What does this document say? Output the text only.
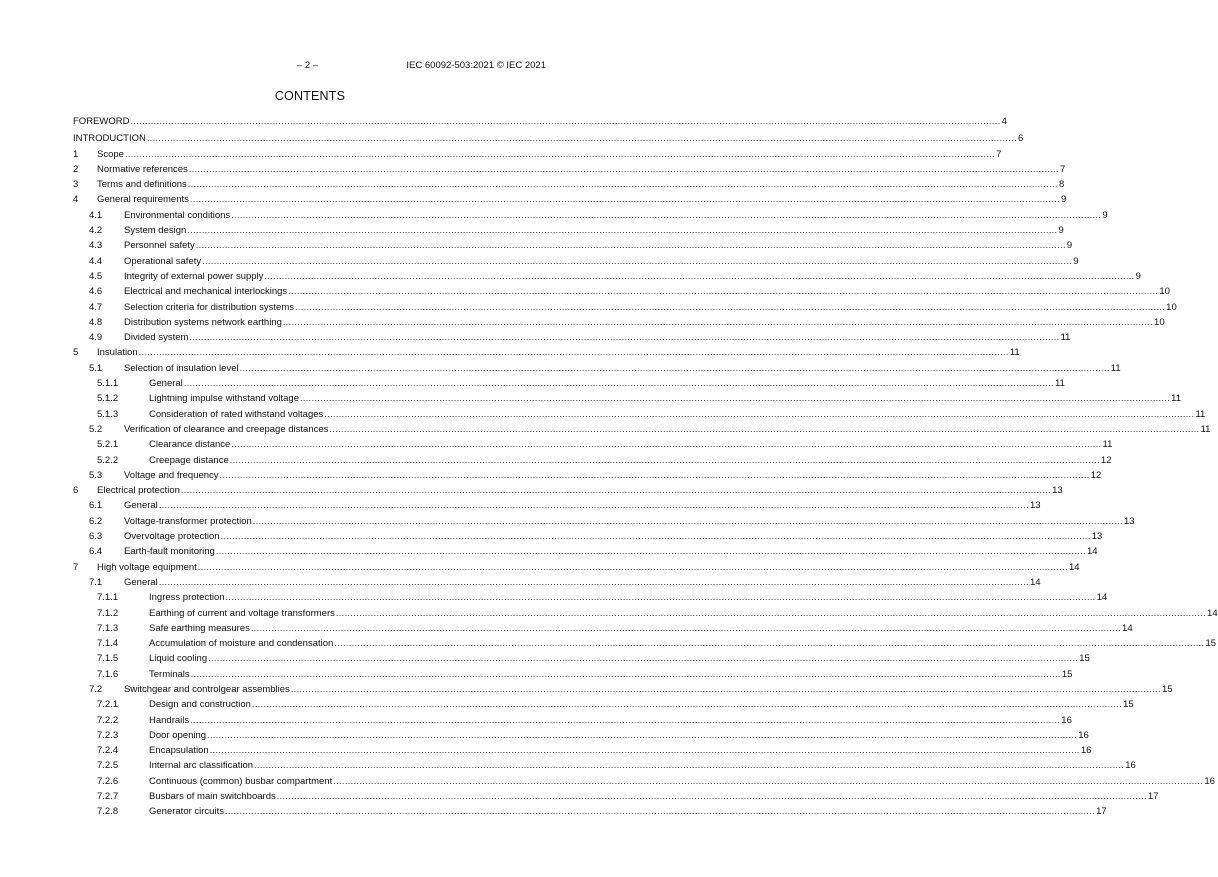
– 2 –	IEC 60092-503:2021 © IEC 2021
CONTENTS
FOREWORD ............................................................................................................................................................................................................................................................................................................ 4
INTRODUCTION ............................................................................................................................................................................................................................................................................................................ 6
1	Scope ............................................................................................................................................................................................................................................................................................................ 7
2	Normative references ............................................................................................................................................................................................................................................................................................................ 7
3	Terms and definitions ............................................................................................................................................................................................................................................................................................................ 8
4	General requirements ............................................................................................................................................................................................................................................................................................................ 9
4.1	Environmental conditions ............................................................................................................................................................................................................................................................................................................ 9
4.2	System design ............................................................................................................................................................................................................................................................................................................ 9
4.3	Personnel safety ............................................................................................................................................................................................................................................................................................................ 9
4.4	Operational safety ............................................................................................................................................................................................................................................................................................................ 9
4.5	Integrity of external power supply ............................................................................................................................................................................................................................................................................................................ 9
4.6	Electrical and mechanical interlockings ............................................................................................................................................................................................................................................................................................................ 10
4.7	Selection criteria for distribution systems ............................................................................................................................................................................................................................................................................................................ 10
4.8	Distribution systems network earthing ............................................................................................................................................................................................................................................................................................................ 10
4.9	Divided system ............................................................................................................................................................................................................................................................................................................ 11
5	Insulation ............................................................................................................................................................................................................................................................................................................ 11
5.1	Selection of insulation level ............................................................................................................................................................................................................................................................................................................ 11
5.1.1	General ............................................................................................................................................................................................................................................................................................................ 11
5.1.2	Lightning impulse withstand voltage ............................................................................................................................................................................................................................................................................................................ 11
5.1.3	Consideration of rated withstand voltages ............................................................................................................................................................................................................................................................................................................ 11
5.2	Verification of clearance and creepage distances ............................................................................................................................................................................................................................................................................................................ 11
5.2.1	Clearance distance ............................................................................................................................................................................................................................................................................................................ 11
5.2.2	Creepage distance ............................................................................................................................................................................................................................................................................................................ 12
5.3	Voltage and frequency ............................................................................................................................................................................................................................................................................................................ 12
6	Electrical protection ............................................................................................................................................................................................................................................................................................................ 13
6.1	General ............................................................................................................................................................................................................................................................................................................ 13
6.2	Voltage-transformer protection ............................................................................................................................................................................................................................................................................................................ 13
6.3	Overvoltage protection ............................................................................................................................................................................................................................................................................................................ 13
6.4	Earth-fault monitoring ............................................................................................................................................................................................................................................................................................................ 14
7	High voltage equipment ............................................................................................................................................................................................................................................................................................................ 14
7.1	General ............................................................................................................................................................................................................................................................................................................ 14
7.1.1	Ingress protection ............................................................................................................................................................................................................................................................................................................ 14
7.1.2	Earthing of current and voltage transformers ............................................................................................................................................................................................................................................................................................................ 14
7.1.3	Safe earthing measures ............................................................................................................................................................................................................................................................................................................ 14
7.1.4	Accumulation of moisture and condensation ............................................................................................................................................................................................................................................................................................................ 15
7.1.5	Liquid cooling ............................................................................................................................................................................................................................................................................................................ 15
7.1.6	Terminals ............................................................................................................................................................................................................................................................................................................ 15
7.2	Switchgear and controlgear assemblies ............................................................................................................................................................................................................................................................................................................ 15
7.2.1	Design and construction ............................................................................................................................................................................................................................................................................................................ 15
7.2.2	Handrails ............................................................................................................................................................................................................................................................................................................ 16
7.2.3	Door opening ............................................................................................................................................................................................................................................................................................................ 16
7.2.4	Encapsulation ............................................................................................................................................................................................................................................................................................................ 16
7.2.5	Internal arc classification ............................................................................................................................................................................................................................................................................................................ 16
7.2.6	Continuous (common) busbar compartment ............................................................................................................................................................................................................................................................................................................ 16
7.2.7	Busbars of main switchboards ............................................................................................................................................................................................................................................................................................................ 17
7.2.8	Generator circuits ............................................................................................................................................................................................................................................................................................................ 17
